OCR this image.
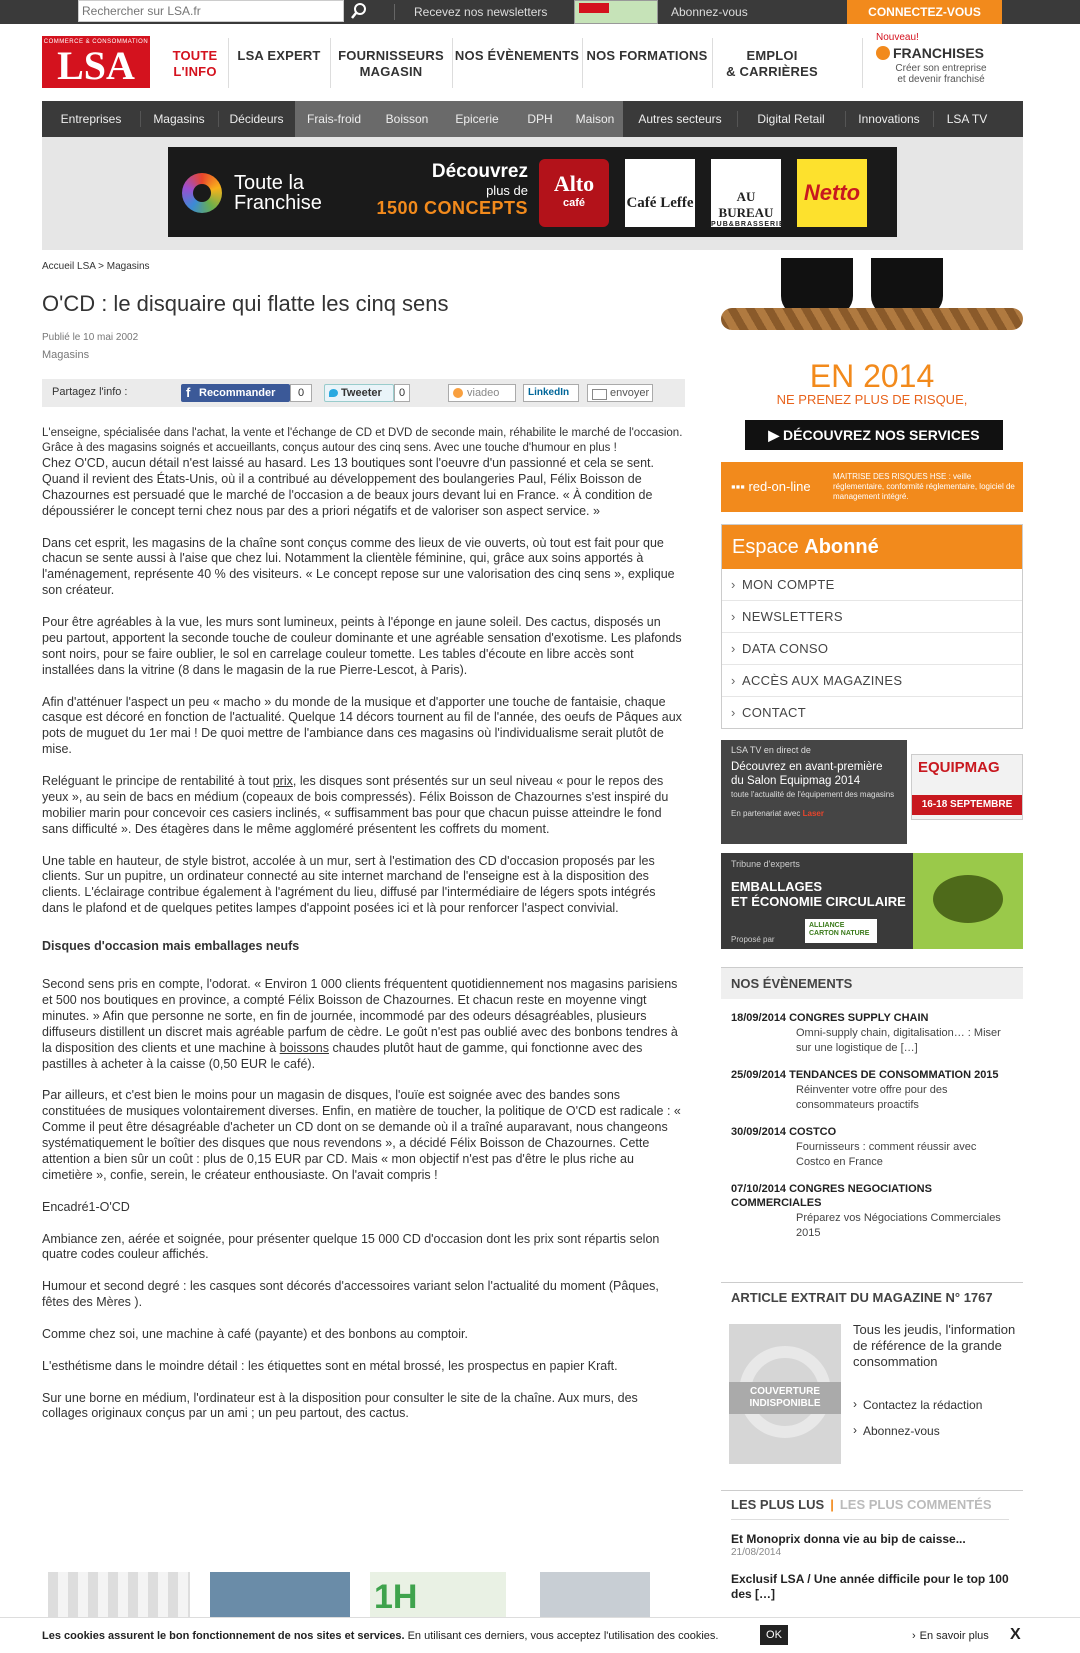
Rechercher sur LSA.fr
Recevez nos newsletters	Abonnez-vous	CONNECTEZ-VOUS
COMMERCE & CONSOMMATION
LSA	TOUTE
L'INFO
LSA EXPERT	FOURNISSEURS
MAGASIN
NOS ÉVÈNEMENTS NOS FORMATIONS	EMPLOI
& CARRIÈRES
Nouveau!
FRANCHISES
Créer son entreprise
et devenir franchisé
Entreprises	Magasins	Décideurs	Frais-froid	Boisson	Epicerie	DPH	Maison	Autres secteurs	Digital Retail	Innovations	LSA TV
Toute la
Franchise
Découvrez
plus de
1500 CONCEPTS
Alto
café	Café Leffe	AU BUREAU
PUB&BRASSERIE
Netto
Accueil LSA > Magasins
O'CD : le disquaire qui flatte les cinq sens
Publié le 10 mai 2002
Magasins
Partagez l'info :	f Recommander	0	Tweeter	0	viadeo	LinkedIn	envoyer

L'enseigne, spécialisée dans l'achat, la vente et l'échange de CD et DVD de seconde main, réhabilite le marché de l'occasion. Grâce à des magasins soignés et accueillants, conçus autour des cinq sens. Avec une touche d'humour en plus !

Chez O'CD, aucun détail n'est laissé au hasard. Les 13 boutiques sont l'oeuvre d'un passionné et cela se sent. Quand il revient des États-Unis, où il a contribué au développement des boulangeries Paul, Félix Boisson de Chazournes est persuadé que le marché de l'occasion a de beaux jours devant lui en France. « À condition de dépoussiérer le concept terni chez nous par des a priori négatifs et de valoriser son aspect service. »

Dans cet esprit, les magasins de la chaîne sont conçus comme des lieux de vie ouverts, où tout est fait pour que chacun se sente aussi à l'aise que chez lui. Notamment la clientèle féminine, qui, grâce aux soins apportés à l'aménagement, représente 40 % des visiteurs. « Le concept repose sur une valorisation des cinq sens », explique son créateur.

Pour être agréables à la vue, les murs sont lumineux, peints à l'éponge en jaune soleil. Des cactus, disposés un peu partout, apportent la seconde touche de couleur dominante et une agréable sensation d'exotisme. Les plafonds sont noirs, pour se faire oublier, le sol en carrelage couleur tomette. Les tables d'écoute en libre accès sont installées dans la vitrine (8 dans le magasin de la rue Pierre-Lescot, à Paris).

Afin d'atténuer l'aspect un peu « macho » du monde de la musique et d'apporter une touche de fantaisie, chaque casque est décoré en fonction de l'actualité. Quelque 14 décors tournent au fil de l'année, des oeufs de Pâques aux pots de muguet du 1er mai ! De quoi mettre de l'ambiance dans ces magasins où l'individualisme serait plutôt de mise.

Reléguant le principe de rentabilité à tout prix, les disques sont présentés sur un seul niveau « pour le repos des yeux », au sein de bacs en médium (copeaux de bois compressés). Félix Boisson de Chazournes s'est inspiré du mobilier marin pour concevoir ces casiers inclinés, « suffisamment bas pour que chacun puisse atteindre le fond sans difficulté ». Des étagères dans le même aggloméré présentent les coffrets du moment.

Une table en hauteur, de style bistrot, accolée à un mur, sert à l'estimation des CD d'occasion proposés par les clients. Sur un pupitre, un ordinateur connecté au site internet marchand de l'enseigne est à la disposition des clients. L'éclairage contribue également à l'agrément du lieu, diffusé par l'intermédiaire de légers spots intégrés dans le plafond et de quelques petites lampes d'appoint posées ici et là pour renforcer l'aspect convivial.

Disques d'occasion mais emballages neufs

Second sens pris en compte, l'odorat. « Environ 1 000 clients fréquentent quotidiennement nos magasins parisiens et 500 nos boutiques en province, a compté Félix Boisson de Chazournes. Et chacun reste en moyenne vingt minutes. » Afin que personne ne sorte, en fin de journée, incommodé par des odeurs désagréables, plusieurs diffuseurs distillent un discret mais agréable parfum de cèdre. Le goût n'est pas oublié avec des bonbons tendres à la disposition des clients et une machine à boissons chaudes plutôt haut de gamme, qui fonctionne avec des pastilles à acheter à la caisse (0,50 EUR le café).

Par ailleurs, et c'est bien le moins pour un magasin de disques, l'ouïe est soignée avec des bandes sons constituées de musiques volontairement diverses. Enfin, en matière de toucher, la politique de O'CD est radicale : « Comme il peut être désagréable d'acheter un CD dont on se demande où il a traîné auparavant, nous changeons systématiquement le boîtier des disques que nous revendons », a décidé Félix Boisson de Chazournes. Cette attention a bien sûr un coût : plus de 0,15 EUR par CD. Mais « mon objectif n'est pas d'être le plus riche au cimetière », confie, serein, le créateur enthousiaste. On l'avait compris !

Encadré1-O'CD

Ambiance zen, aérée et soignée, pour présenter quelque 15 000 CD d'occasion dont les prix sont répartis selon quatre codes couleur affichés.

Humour et second degré : les casques sont décorés d'accessoires variant selon l'actualité du moment (Pâques, fêtes des Mères ).

Comme chez soi, une machine à café (payante) et des bonbons au comptoir.

L'esthétisme dans le moindre détail : les étiquettes sont en métal brossé, les prospectus en papier Kraft.

Sur une borne en médium, l'ordinateur est à la disposition pour consulter le site de la chaîne. Aux murs, des collages originaux conçus par un ami ; un peu partout, des cactus.

1H
EN 2014
NE PRENEZ PLUS DE RISQUE,
▶ DÉCOUVREZ NOS SERVICES
▪▪▪ red-on-line
MAITRISE DES RISQUES HSE : veille réglementaire, conformité réglementaire, logiciel de management intégré.
Espace Abonné
› MON COMPTE
› NEWSLETTERS
› DATA CONSO
› ACCÈS AUX MAGAZINES
› CONTACT
LSA TV en direct de
Découvrez en avant-première du Salon Equipmag 2014
toute l'actualité de l'équipement des magasins
En partenariat avec Laser
EQUIPMAG
16-18 SEPTEMBRE 2014
Tribune d'experts
EMBALLAGES
ET ÉCONOMIE CIRCULAIRE
Proposé par
ALLIANCE CARTON NATURE
NOS ÉVÈNEMENTS
18/09/2014 CONGRES SUPPLY CHAIN
Omni-supply chain, digitalisation… : Miser sur une logistique de […]
25/09/2014 TENDANCES DE CONSOMMATION 2015
Réinventer votre offre pour des consommateurs proactifs
30/09/2014 COSTCO
Fournisseurs : comment réussir avec Costco en France
07/10/2014 CONGRES NEGOCIATIONS COMMERCIALES
Préparez vos Négociations Commerciales 2015
ARTICLE EXTRAIT DU MAGAZINE N° 1767
COUVERTURE
INDISPONIBLE
Tous les jeudis, l'information de référence de la grande consommation
› Contactez la rédaction
› Abonnez-vous
LES PLUS LUS | LES PLUS COMMENTÉS
Et Monoprix donna vie au bip de caisse...
21/08/2014
Exclusif LSA / Une année difficile pour le top 100 des […]
Les cookies assurent le bon fonctionnement de nos sites et services. En utilisant ces derniers, vous acceptez l'utilisation des cookies.	OK	› En savoir plus X
